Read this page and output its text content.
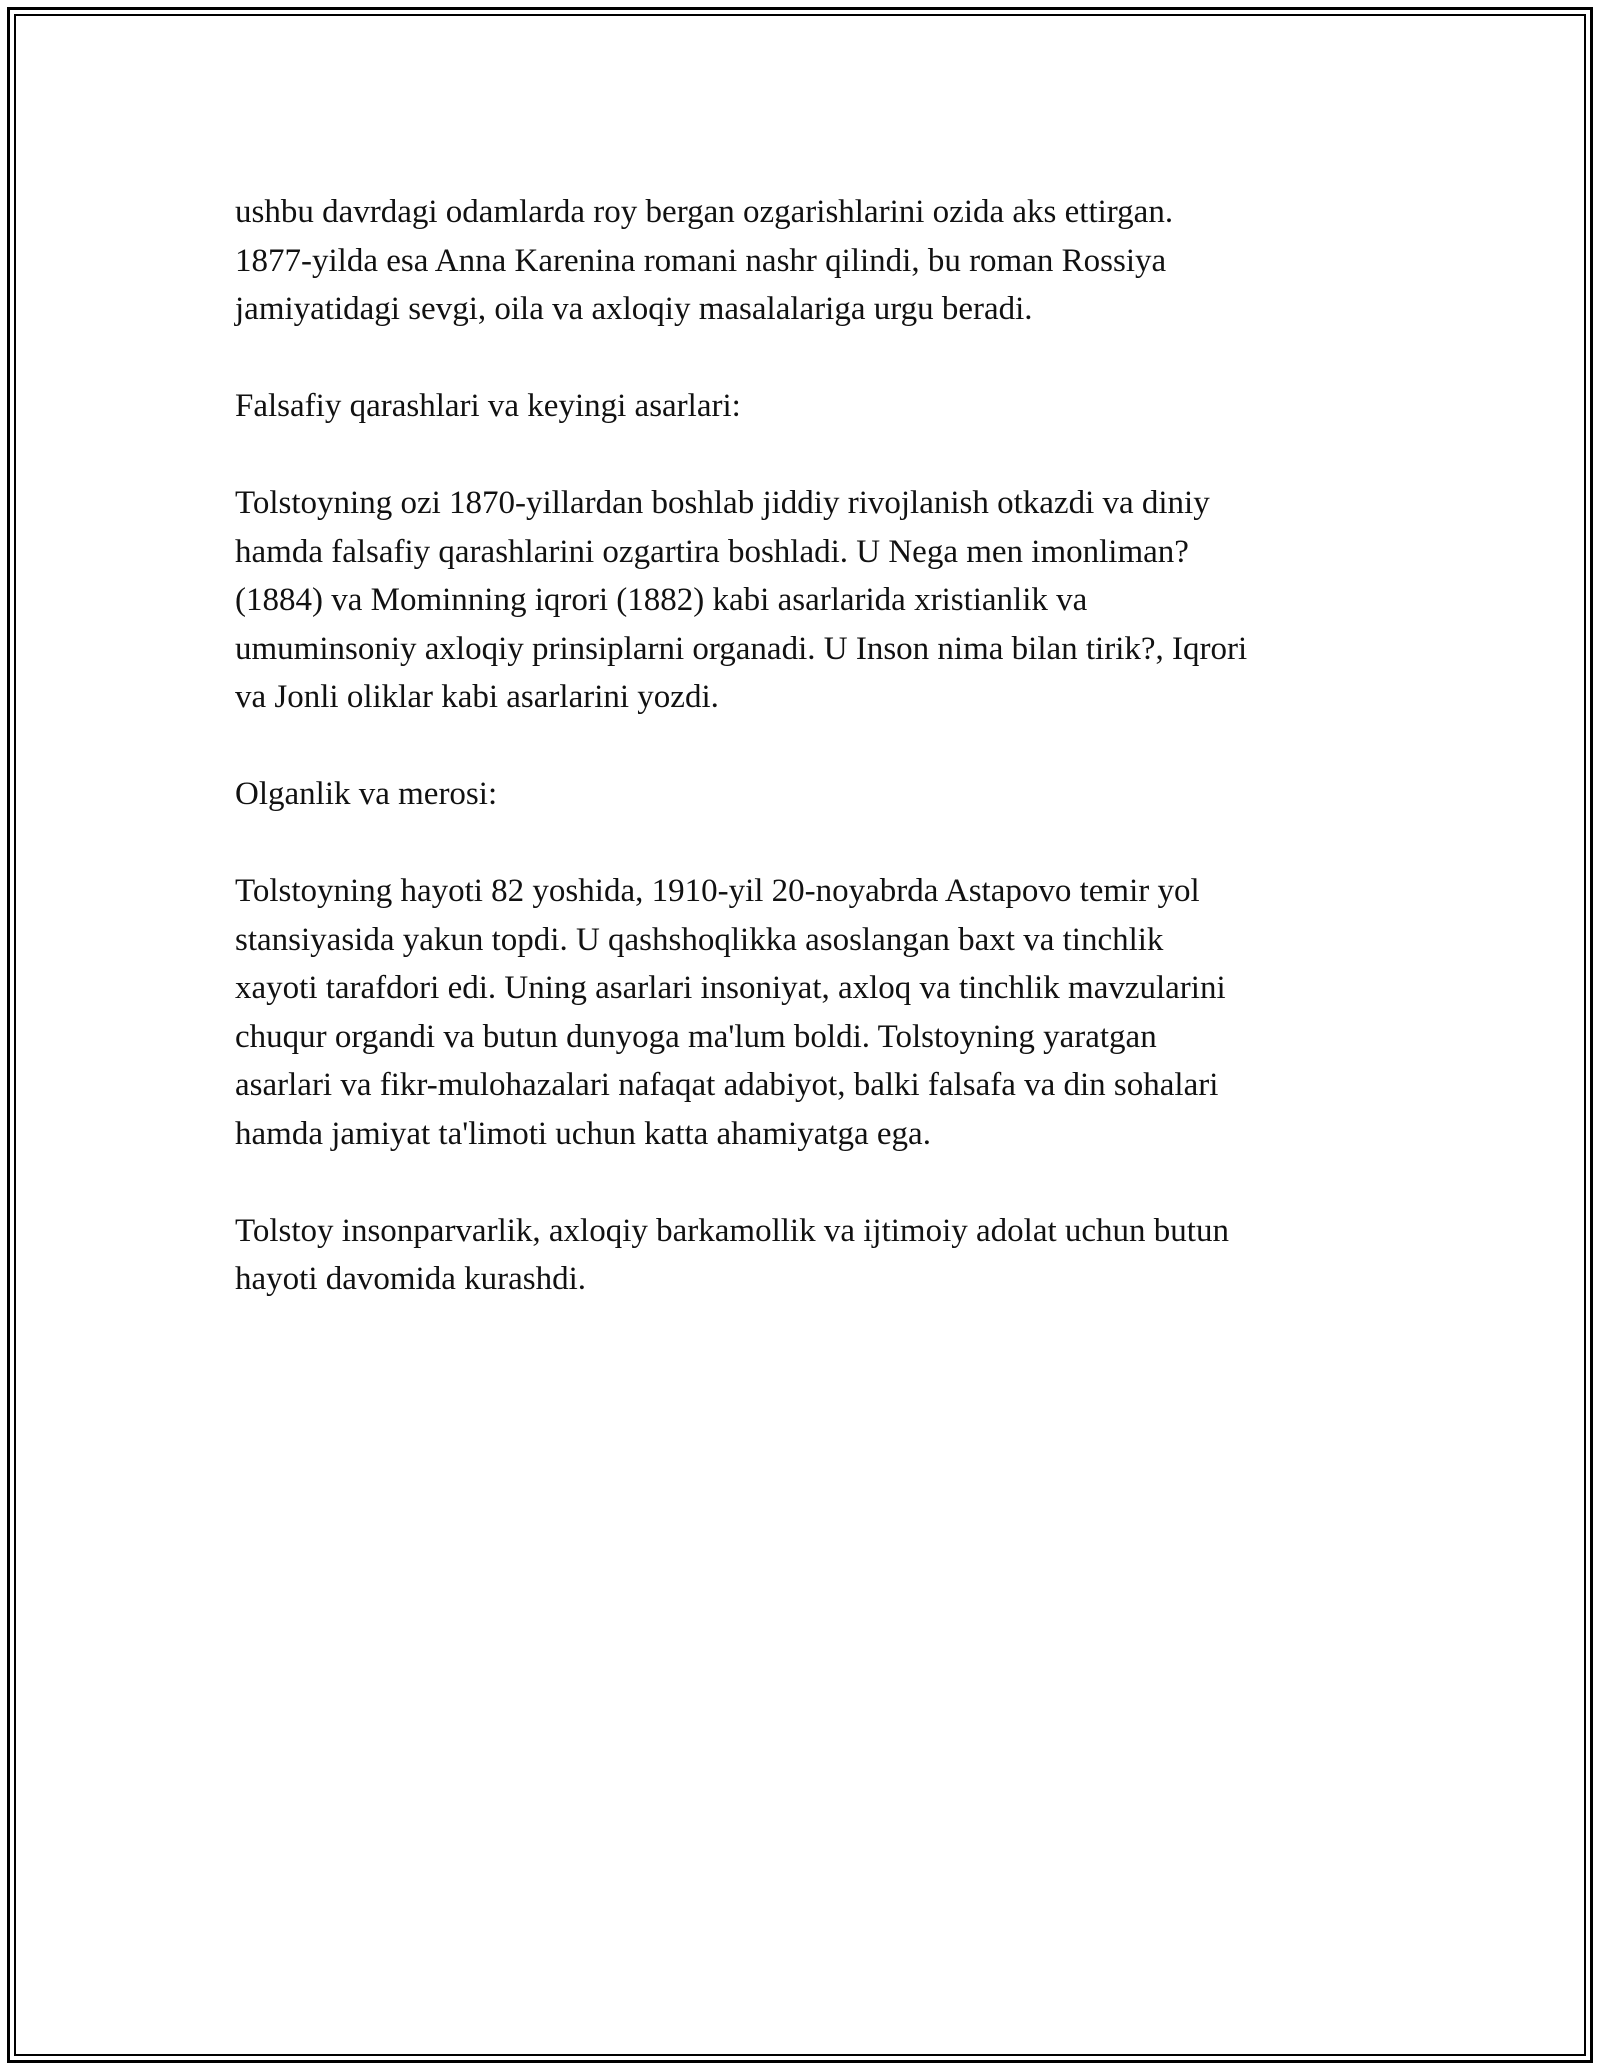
ushbu davrdagi odamlarda roy bergan ozgarishlarini ozida aks ettirgan.
1877-yilda esa Anna Karenina romani nashr qilindi, bu roman Rossiya
jamiyatidagi sevgi, oila va axloqiy masalalariga urgu beradi.

Falsafiy qarashlari va keyingi asarlari:

Tolstoyning ozi 1870-yillardan boshlab jiddiy rivojlanish otkazdi va diniy
hamda falsafiy qarashlarini ozgartira boshladi. U Nega men imonliman?
(1884) va Mominning iqrori (1882) kabi asarlarida xristianlik va
umuminsoniy axloqiy prinsiplarni organadi. U Inson nima bilan tirik?, Iqrori
va Jonli oliklar kabi asarlarini yozdi.

Olganlik va merosi:

Tolstoyning hayoti 82 yoshida, 1910-yil 20-noyabrda Astapovo temir yol
stansiyasida yakun topdi. U qashshoqlikka asoslangan baxt va tinchlik
xayoti tarafdori edi. Uning asarlari insoniyat, axloq va tinchlik mavzularini
chuqur organdi va butun dunyoga ma'lum boldi. Tolstoyning yaratgan
asarlari va fikr-mulohazalari nafaqat adabiyot, balki falsafa va din sohalari
hamda jamiyat ta'limoti uchun katta ahamiyatga ega.

Tolstoy insonparvarlik, axloqiy barkamollik va ijtimoiy adolat uchun butun
hayoti davomida kurashdi.
